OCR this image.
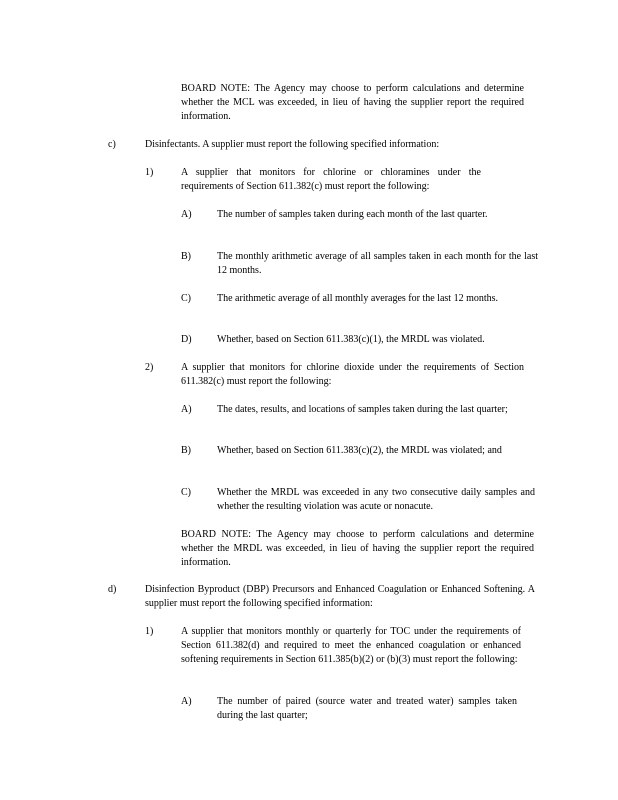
BOARD NOTE: The Agency may choose to perform calculations and determine whether the MCL was exceeded, in lieu of having the supplier report the required information.

c)	Disinfectants. A supplier must report the following specified information:

1)	A supplier that monitors for chlorine or chloramines under the requirements of Section 611.382(c) must report the following:

A)	The number of samples taken during each month of the last quarter.

B)	The monthly arithmetic average of all samples taken in each month for the last 12 months.

C)	The arithmetic average of all monthly averages for the last 12 months.

D)	Whether, based on Section 611.383(c)(1), the MRDL was violated.

2)	A supplier that monitors for chlorine dioxide under the requirements of Section 611.382(c) must report the following:

A)	The dates, results, and locations of samples taken during the last quarter;

B)	Whether, based on Section 611.383(c)(2), the MRDL was violated; and

C)	Whether the MRDL was exceeded in any two consecutive daily samples and whether the resulting violation was acute or nonacute.

BOARD NOTE: The Agency may choose to perform calculations and determine whether the MRDL was exceeded, in lieu of having the supplier report the required information.

d)	Disinfection Byproduct (DBP) Precursors and Enhanced Coagulation or Enhanced Softening. A supplier must report the following specified information:

1)	A supplier that monitors monthly or quarterly for TOC under the requirements of Section 611.382(d) and required to meet the enhanced coagulation or enhanced softening requirements in Section 611.385(b)(2) or (b)(3) must report the following:

A)	The number of paired (source water and treated water) samples taken during the last quarter;
